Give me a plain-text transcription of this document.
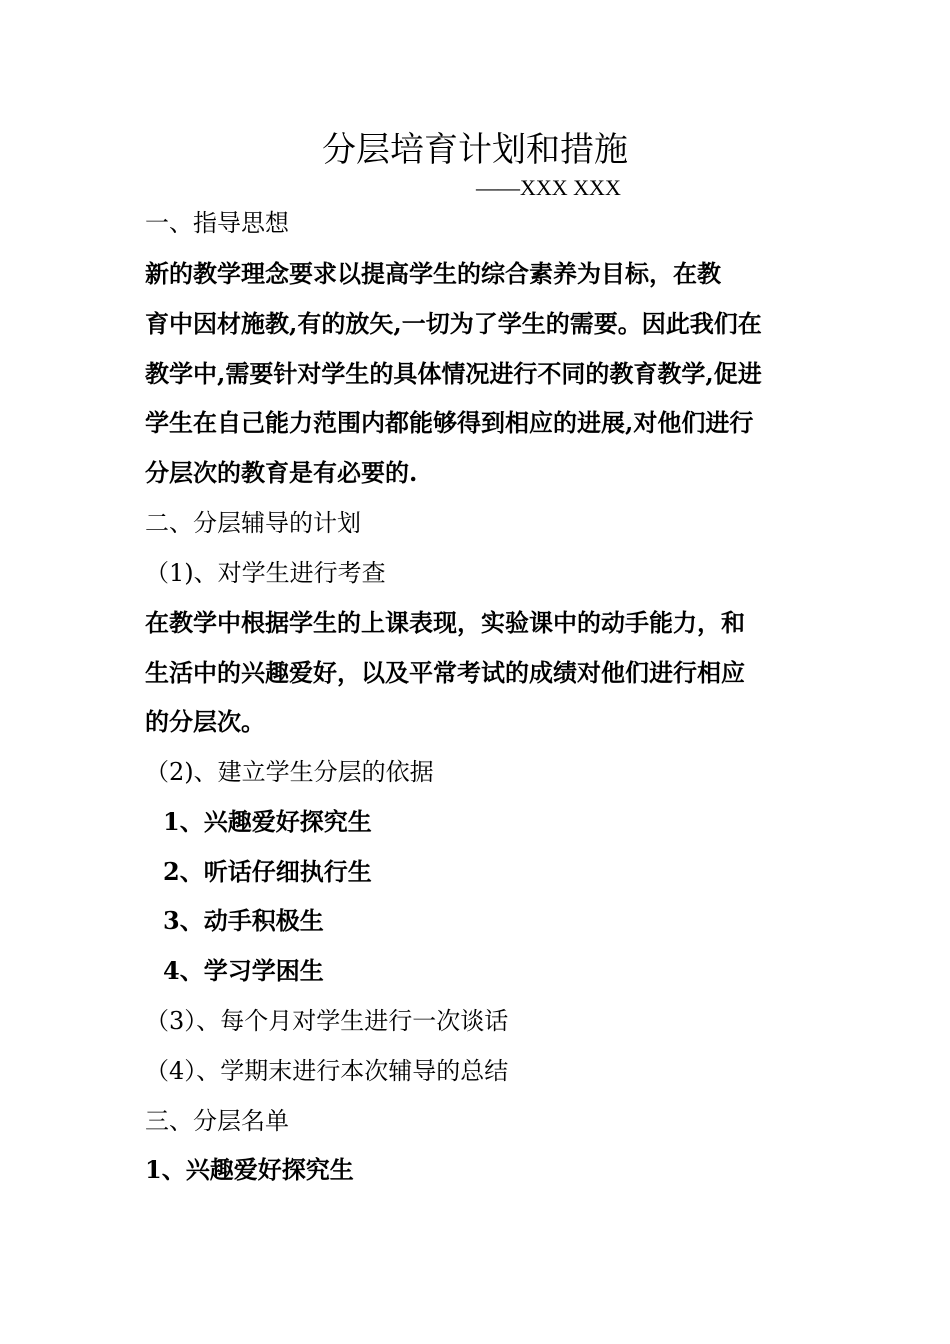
分层培育计划和措施
——XXX XXX
一、指导思想
新的教学理念要求以提高学生的综合素养为目标，在教
育中因材施教,有的放矢,一切为了学生的需要。因此我们在
教学中,需要针对学生的具体情况进行不同的教育教学,促进
学生在自己能力范围内都能够得到相应的进展,对他们进行
分层次的教育是有必要的.
二、分层辅导的计划
（1)、对学生进行考查
在教学中根据学生的上课表现，实验课中的动手能力，和
生活中的兴趣爱好，以及平常考试的成绩对他们进行相应
的分层次。
（2)、建立学生分层的依据
1、兴趣爱好探究生
2、听话仔细执行生
3、动手积极生
4、学习学困生
（3）、每个月对学生进行一次谈话
（4）、学期末进行本次辅导的总结
三、分层名单
1、兴趣爱好探究生
